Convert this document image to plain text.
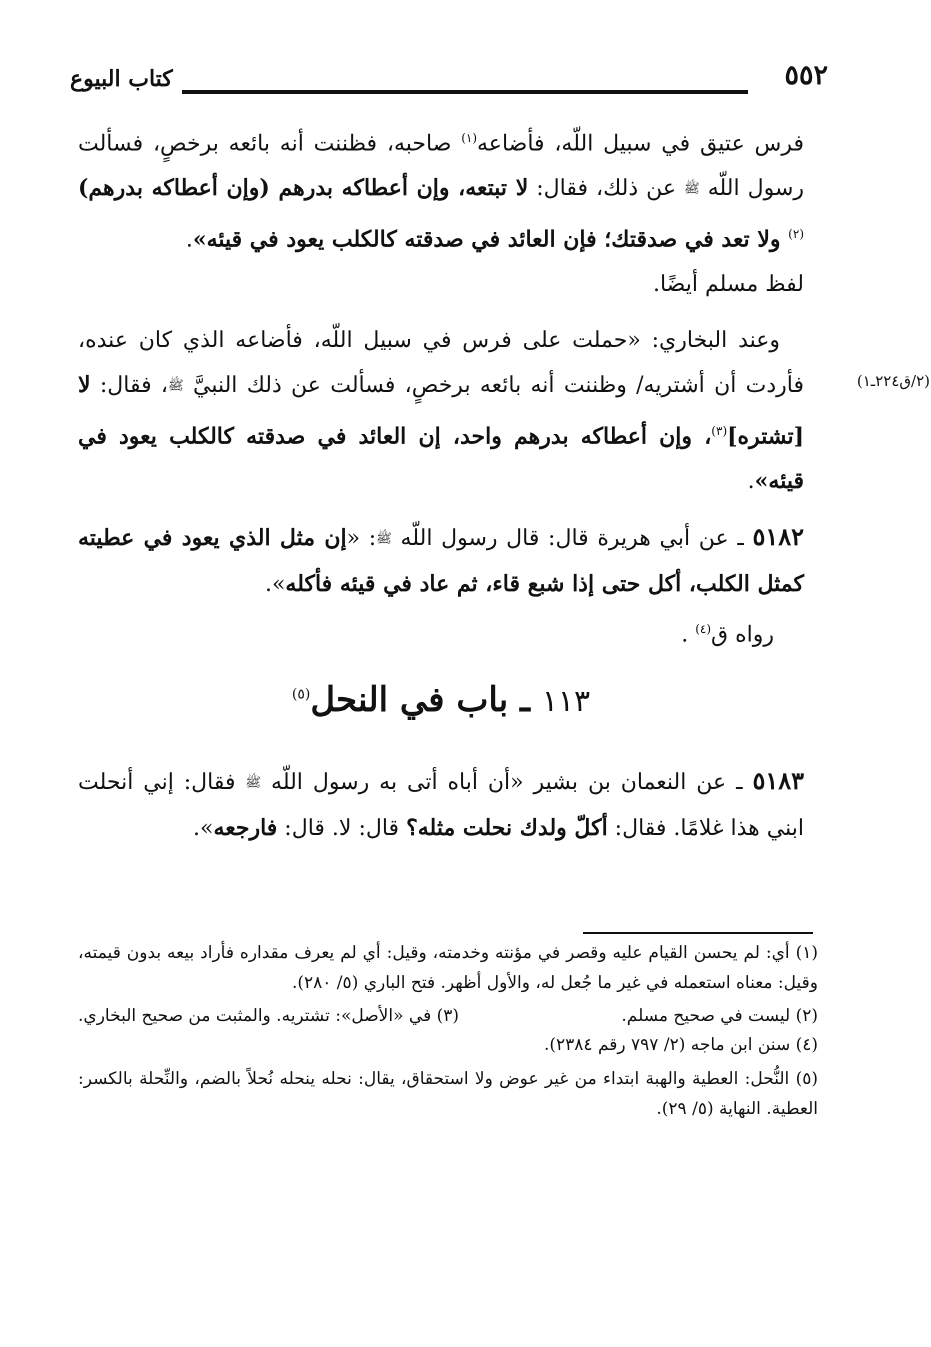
٥٥٢
كتاب البيوع

فرس عتيق في سبيل اللّه، فأضاعه$^{(١)}$ صاحبه، فظننت أنه بائعه برخصٍ، فسألت رسول اللّه ﷺ عن ذلك، فقال: لا تبتعه، وإن أعطاكه بدرهم (وإن أعطاكه بدرهم)$^{(٢)}$ ولا تعد في صدقتك؛ فإن العائد في صدقته كالكلب يعود في قيئه».

لفظ مسلم أيضًا.

وعند البخاري: «حملت على فرس في سبيل اللّه، فأضاعه الذي كان عنده، فأردت أن أشتريه/ وظننت أنه بائعه برخصٍ، فسألت عن ذلك النبيَّ ﷺ، فقال: لا [تشتره]$^{(٣)}$، وإن أعطاكه بدرهم واحد، إن العائد في صدقته كالكلب يعود في قيئه».

(٢/ق٢٢٤ـ١)

٥١٨٢ ـ عن أبي هريرة قال: قال رسول اللّه ﷺ: «إن مثل الذي يعود في عطيته كمثل الكلب، أكل حتى إذا شبع قاء، ثم عاد في قيئه فأكله».

رواه ق$^{(٤)}$ .

١١٣ ـ باب في النحل$^{(٥)}$

٥١٨٣ ـ عن النعمان بن بشير «أن أباه أتى به رسول اللّه ﷺ فقال: إني أنحلت ابني هذا غلامًا. فقال: أكلّ ولدك نحلت مثله؟ قال: لا. قال: فارجعه».

(١) أي: لم يحسن القيام عليه وقصر في مؤنته وخدمته، وقيل: أي لم يعرف مقداره فأراد بيعه بدون قيمته، وقيل: معناه استعمله في غير ما جُعل له، والأول أظهر. فتح الباري (٥/ ٢٨٠).

(٢) ليست في صحيح مسلم.
(٣) في «الأصل»: تشتريه. والمثبت من صحيح البخاري.

(٤) سنن ابن ماجه (٢/ ٧٩٧ رقم ٢٣٨٤).

(٥) النُّحل: العطية والهبة ابتداء من غير عوض ولا استحقاق، يقال: نحله ينحله نُحلاً بالضم، والنِّحلة بالكسر: العطية. النهاية (٥/ ٢٩).
